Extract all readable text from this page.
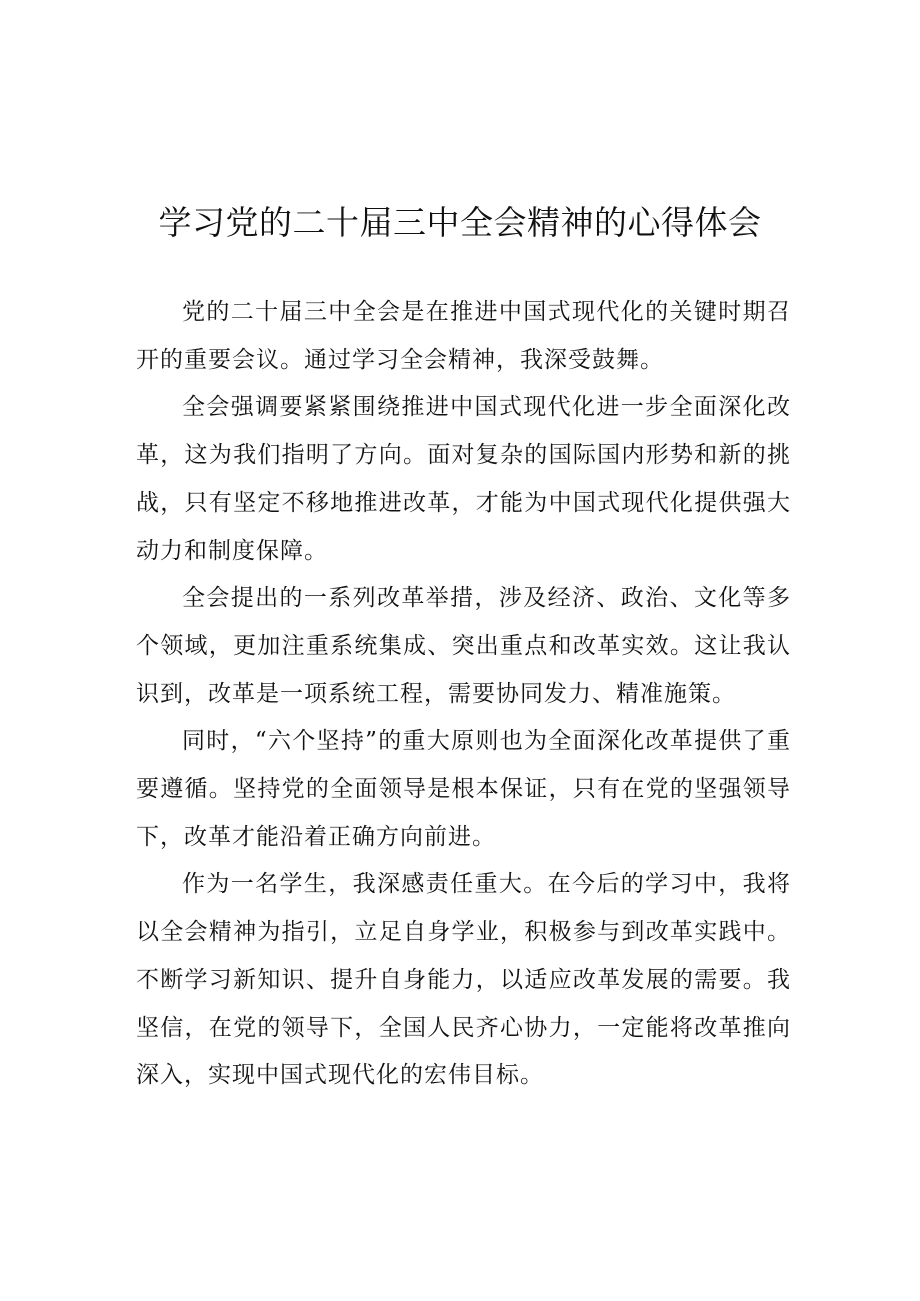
学习党的二十届三中全会精神的心得体会

党的二十届三中全会是在推进中国式现代化的关键时期召开的重要会议。通过学习全会精神，我深受鼓舞。

全会强调要紧紧围绕推进中国式现代化进一步全面深化改革，这为我们指明了方向。面对复杂的国际国内形势和新的挑战，只有坚定不移地推进改革，才能为中国式现代化提供强大动力和制度保障。

全会提出的一系列改革举措，涉及经济、政治、文化等多个领域，更加注重系统集成、突出重点和改革实效。这让我认识到，改革是一项系统工程，需要协同发力、精准施策。

同时，“六个坚持”的重大原则也为全面深化改革提供了重要遵循。坚持党的全面领导是根本保证，只有在党的坚强领导下，改革才能沿着正确方向前进。

作为一名学生，我深感责任重大。在今后的学习中，我将以全会精神为指引，立足自身学业，积极参与到改革实践中。不断学习新知识、提升自身能力，以适应改革发展的需要。我坚信，在党的领导下，全国人民齐心协力，一定能将改革推向深入，实现中国式现代化的宏伟目标。
